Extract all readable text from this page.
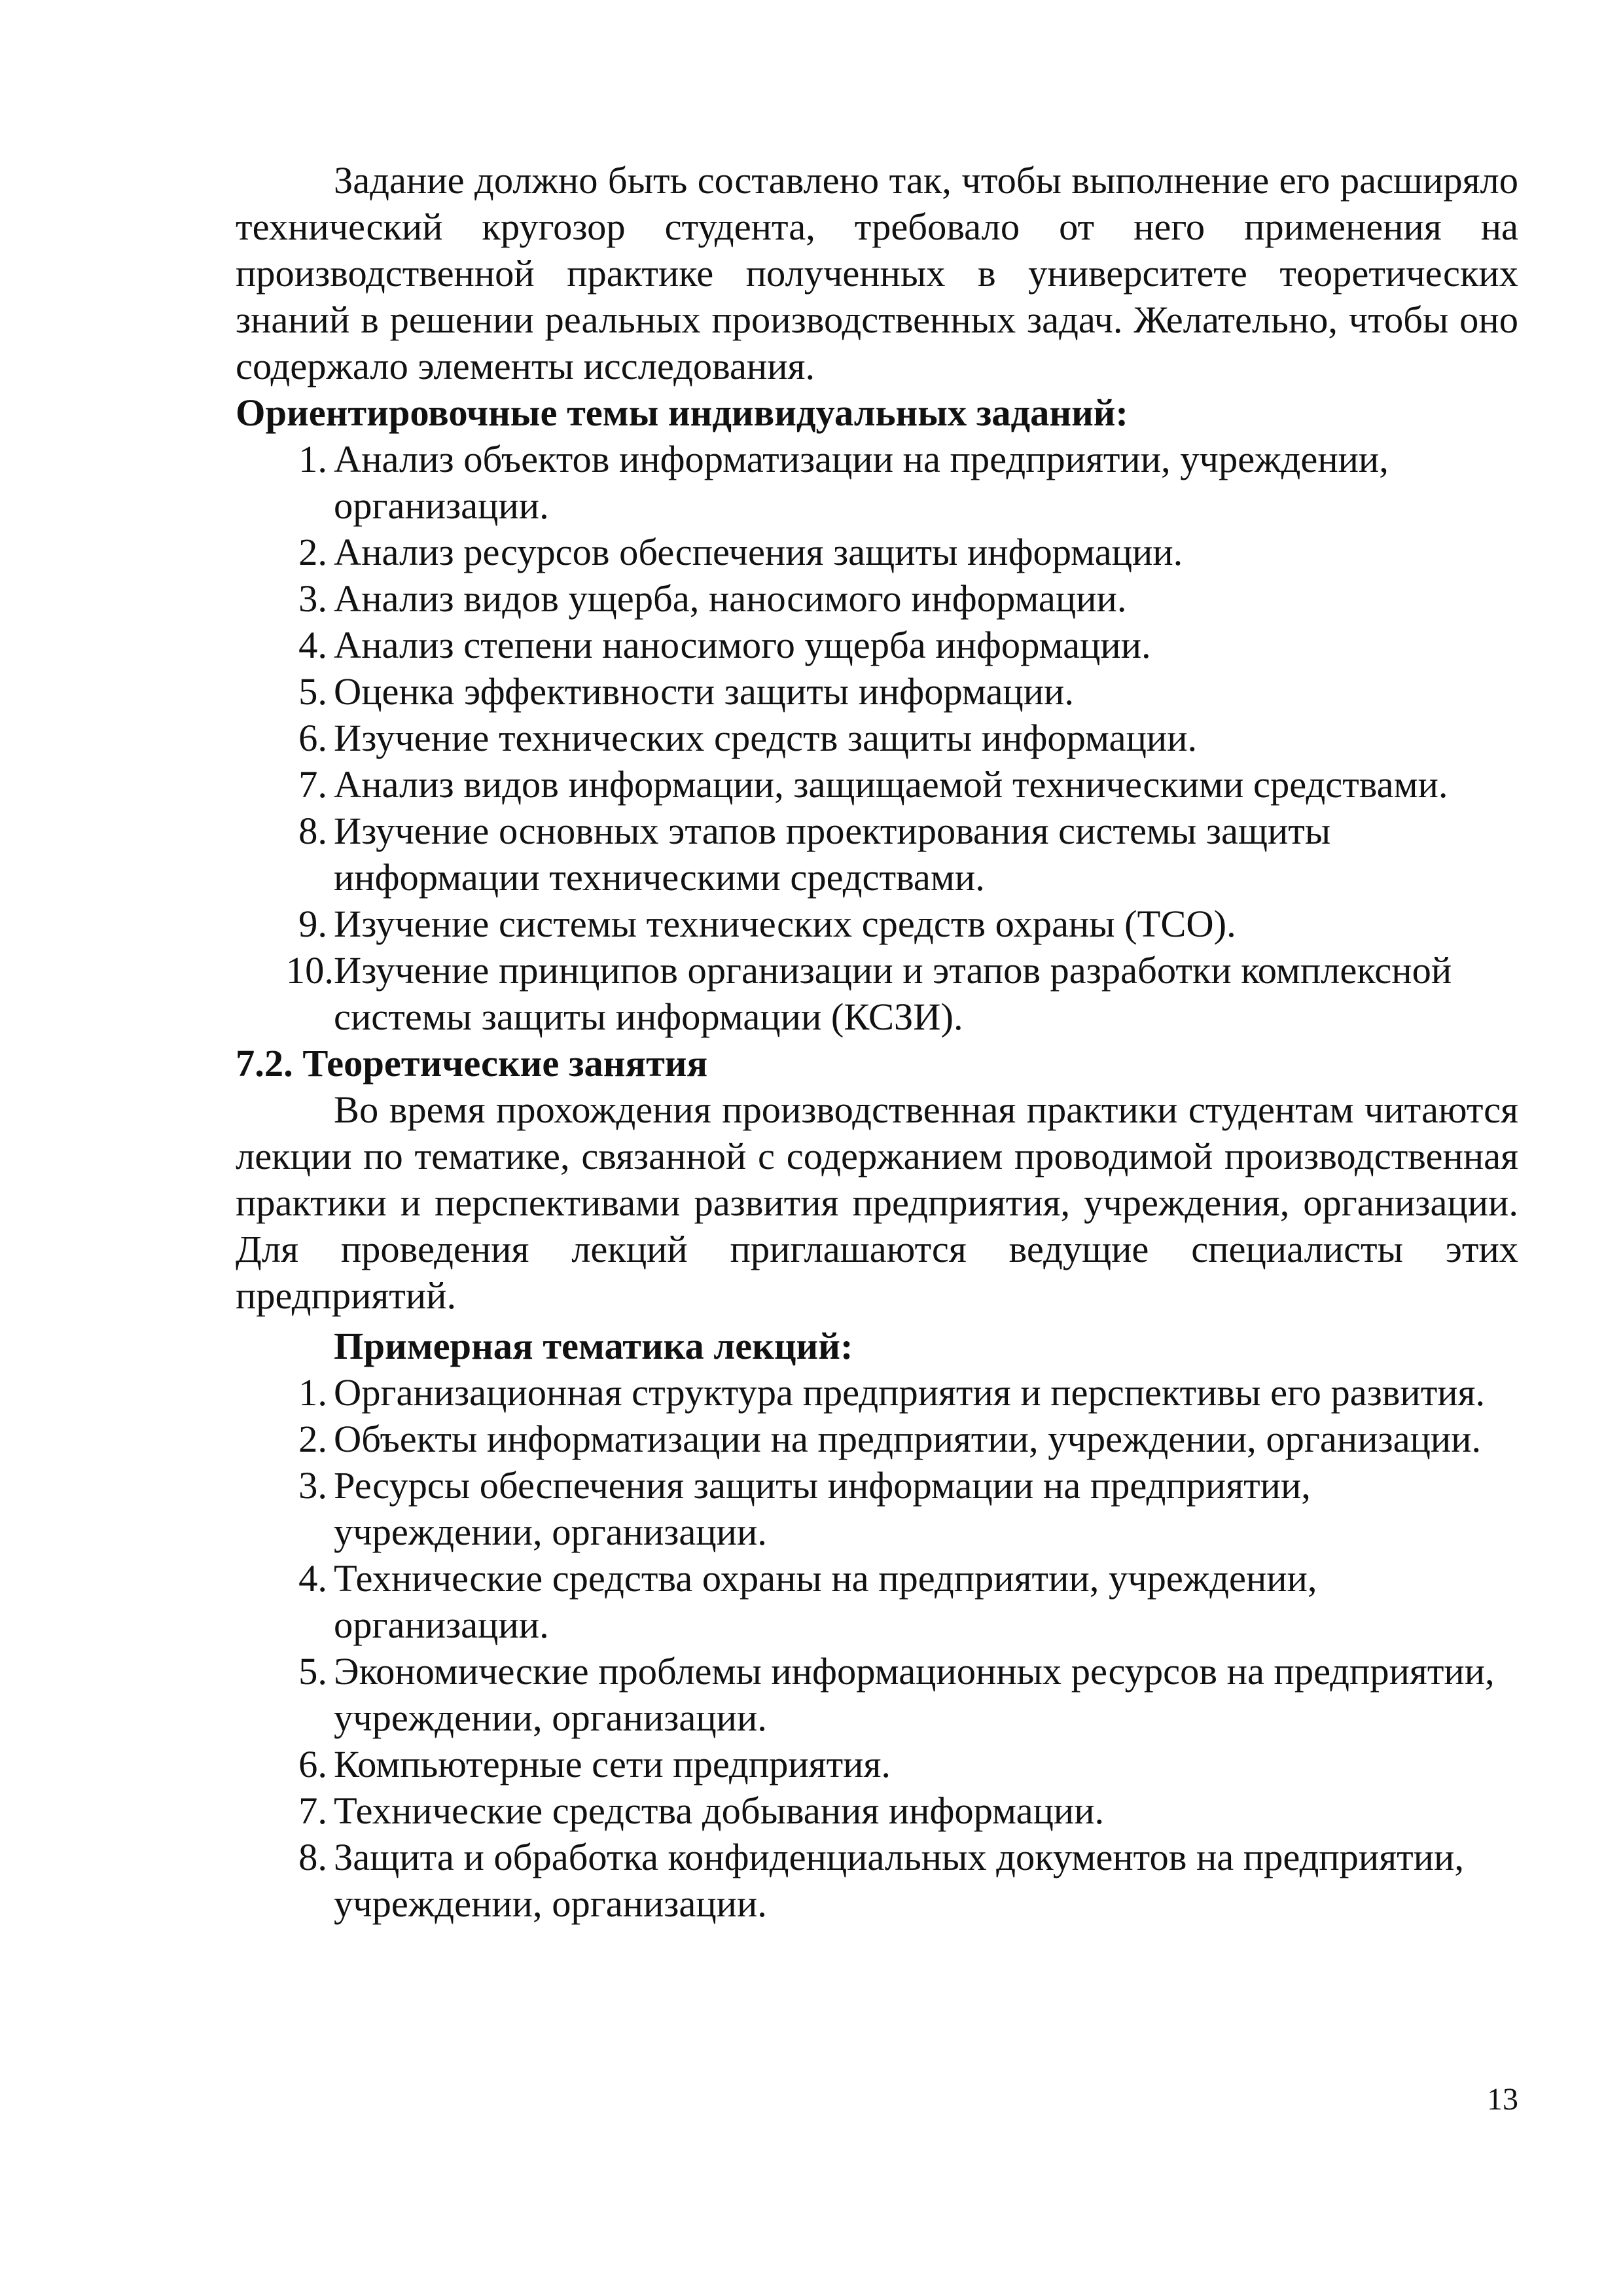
Задание должно быть составлено так, чтобы выполнение его расширяло технический кругозор студента, требовало от него применения на производственной практике полученных в университете теоретических знаний в решении реальных производственных задач. Желательно, чтобы оно содержало элементы исследования.

Ориентировочные темы индивидуальных заданий:

1. Анализ объектов информатизации на предприятии, учреждении, организации.
2. Анализ ресурсов обеспечения защиты информации.
3. Анализ видов ущерба, наносимого информации.
4. Анализ степени наносимого ущерба информации.
5. Оценка эффективности защиты информации.
6. Изучение технических средств защиты информации.
7. Анализ видов информации, защищаемой техническими средствами.
8. Изучение основных этапов проектирования системы защиты информации техническими средствами.
9. Изучение системы технических средств охраны (ТСО).
10. Изучение принципов организации и этапов разработки комплексной системы защиты информации (КСЗИ).

7.2. Теоретические занятия

Во время прохождения производственная практики студентам читаются лекции по тематике, связанной с содержанием проводимой производственная практики и перспективами развития предприятия, учреждения, организации. Для проведения лекций приглашаются ведущие специалисты этих предприятий.

Примерная тематика лекций:

1. Организационная структура предприятия и перспективы его развития.
2. Объекты информатизации на предприятии, учреждении, организации.
3. Ресурсы обеспечения защиты информации на предприятии, учреждении, организации.
4. Технические средства охраны на предприятии, учреждении, организации.
5. Экономические проблемы информационных ресурсов на предприятии, учреждении, организации.
6. Компьютерные сети предприятия.
7. Технические средства добывания информации.
8. Защита и обработка конфиденциальных документов на предприятии, учреждении, организации.
13
